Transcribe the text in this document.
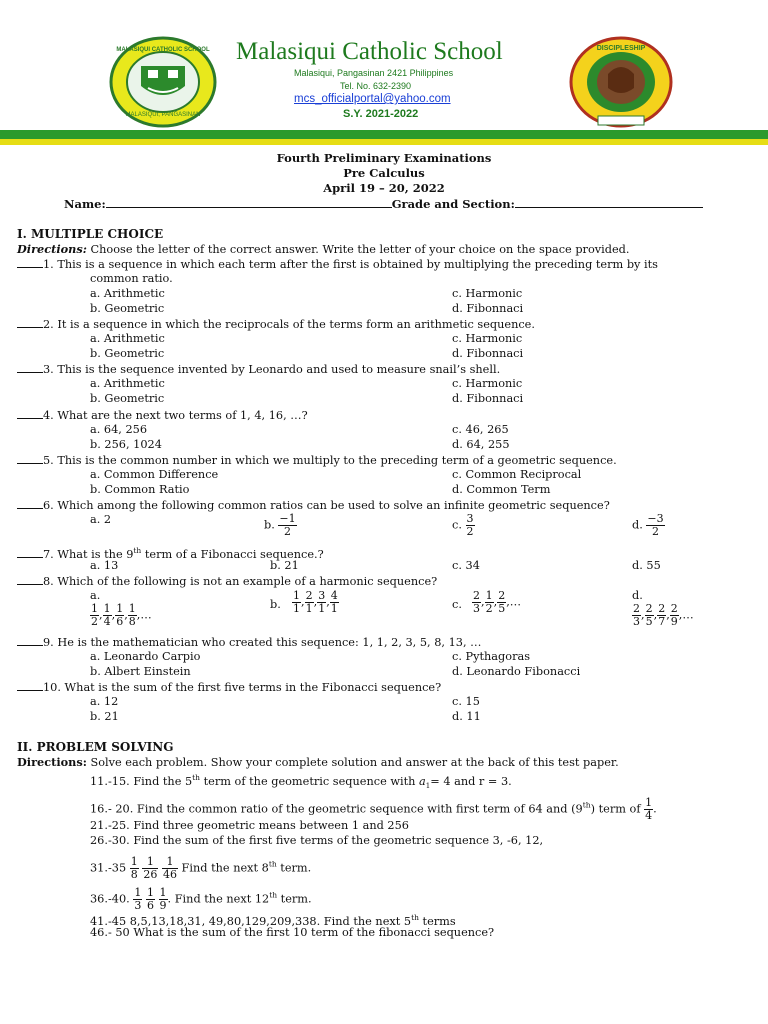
MALASIQUI, PANGASINAN
MALASIQUI CATHOLIC SCHOOL Malasiqui Catholic School
Malasiqui, Pangasinan 2421 Philippines
Tel. No. 632-2390
mcs_officialportal@yahoo.com
S.Y. 2021-2022
DISCIPLESHIP
Fourth Preliminary Examinations
Pre Calculus
April 19 – 20, 2022
Name:	Grade and Section:
I. MULTIPLE CHOICE
Directions: Choose the letter of the correct answer. Write the letter of your choice on the space provided.
1. This is a sequence in which each term after the first is obtained by multiplying the preceding term by its
common ratio.
a. Arithmetic	c. Harmonic
b. Geometric	d. Fibonnaci
2. It is a sequence in which the reciprocals of the terms form an arithmetic sequence.
a. Arithmetic	c. Harmonic
b. Geometric	d. Fibonnaci
3. This is the sequence invented by Leonardo and used to measure snail’s shell.
a. Arithmetic	c. Harmonic
b. Geometric	d. Fibonnaci
4. What are the next two terms of 1, 4, 16, …?
a. 64, 256	c. 46, 265
b. 256, 1024	d. 64, 255
5. This is the common number in which we multiply to the preceding term of a geometric sequence.
a. Common Difference	c. Common Reciprocal
b. Common Ratio	d. Common Term
6. Which among the following common ratios can be used to solve an infinite geometric sequence?
a. 2	b. $\frac{-1}{2}$	c. $\frac{3}{2}$	d. $\frac{-3}{2}$
7. What is the 9th term of a Fibonacci sequence.?
a. 13	b. 21	c. 34	d. 55
8. Which of the following is not an example of a harmonic sequence?
a.
$\frac{1}{2}$ , $\frac{1}{4}$ , $\frac{1}{6}$ , $\frac{1}{8}$ ,…
b. $\frac{1}{1}$ , $\frac{2}{1}$ , $\frac{3}{1}$ , $\frac{4}{1}$	c. $\frac{2}{3}$ , $\frac{1}{2}$ , $\frac{2}{5}$ ,…	d.
$\frac{2}{3}$ , $\frac{2}{5}$ , $\frac{2}{7}$ , $\frac{2}{9}$ ,…
9. He is the mathematician who created this sequence: 1, 1, 2, 3, 5, 8, 13, …
a. Leonardo Carpio	c. Pythagoras
b. Albert Einstein	d. Leonardo Fibonacci
10. What is the sum of the first five terms in the Fibonacci sequence?
a. 12	c. 15
b. 21	d. 11
II. PROBLEM SOLVING
Directions: Solve each problem. Show your complete solution and answer at the back of this test paper.
11.-15. Find the 5th term of the geometric sequence with $a_1= 4$ and r = 3.
16.- 20. Find the common ratio of the geometric sequence with first term of 64 and (9th) term of $\frac{1}{4}$ .
21.-25. Find three geometric means between 1 and 256
26.-30. Find the sum of the first five terms of the geometric sequence 3, -6, 12,
$31.-35 \frac{1}{8}$
$\frac{1}{26}$
$\frac{1}{46}$ Find the next 8th term.
36.-40. $\frac{1}{3}$
$\frac{1}{6}$
$\frac{1}{9}$ . Find the next 12th term.
41.-45 8,5,13,18,31, 49,80,129,209,338. Find the next 5th terms
46.- 50 What is the sum of the first 10 term of the fibonacci sequence?
